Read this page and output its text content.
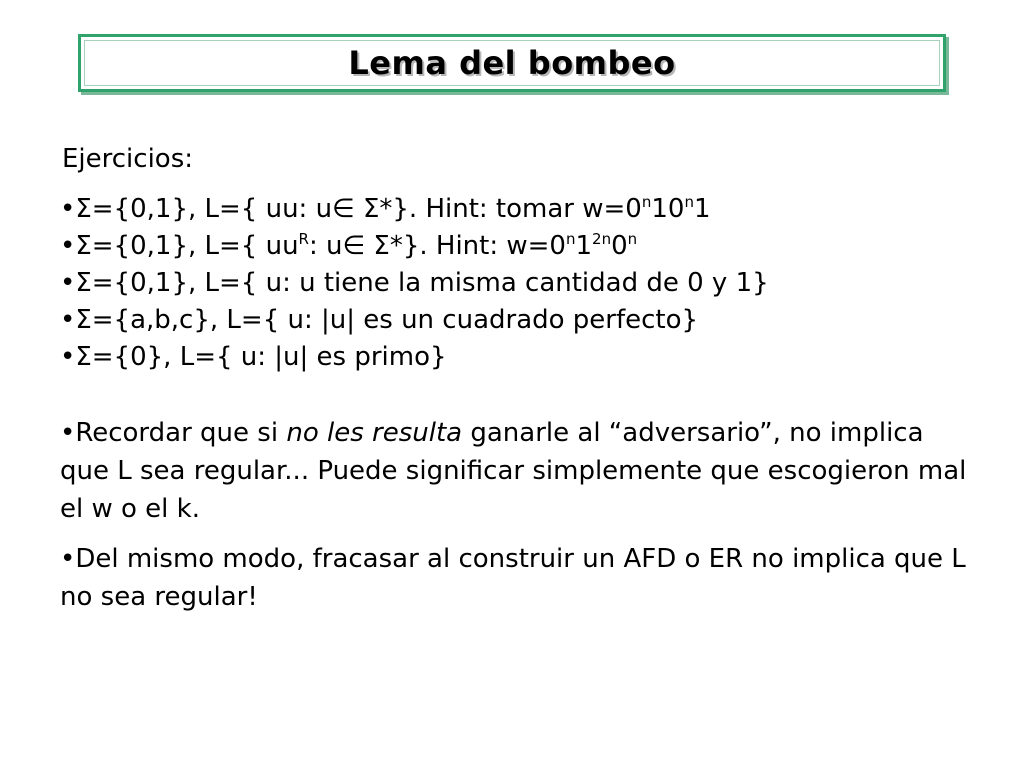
Lema del bombeo

Ejercicios:

•Σ={0,1}, L={ uu: u∈ Σ*}. Hint: tomar $w=0^n10^n1$

•Σ={0,1}, L={ $uu^R$: u∈ Σ*}. Hint: $w=0^n1^{2n}0^n$

•Σ={0,1}, L={ u: u tiene la misma cantidad de 0 y 1}

•Σ={a,b,c}, L={ u: |u| es un cuadrado perfecto}

•Σ={0}, L={ u: |u| es primo}

•Recordar que si no les resulta ganarle al “adversario”, no implica que L sea regular... Puede significar simplemente que escogieron mal el w o el k.

•Del mismo modo, fracasar al construir un AFD o ER no implica que L no sea regular!
